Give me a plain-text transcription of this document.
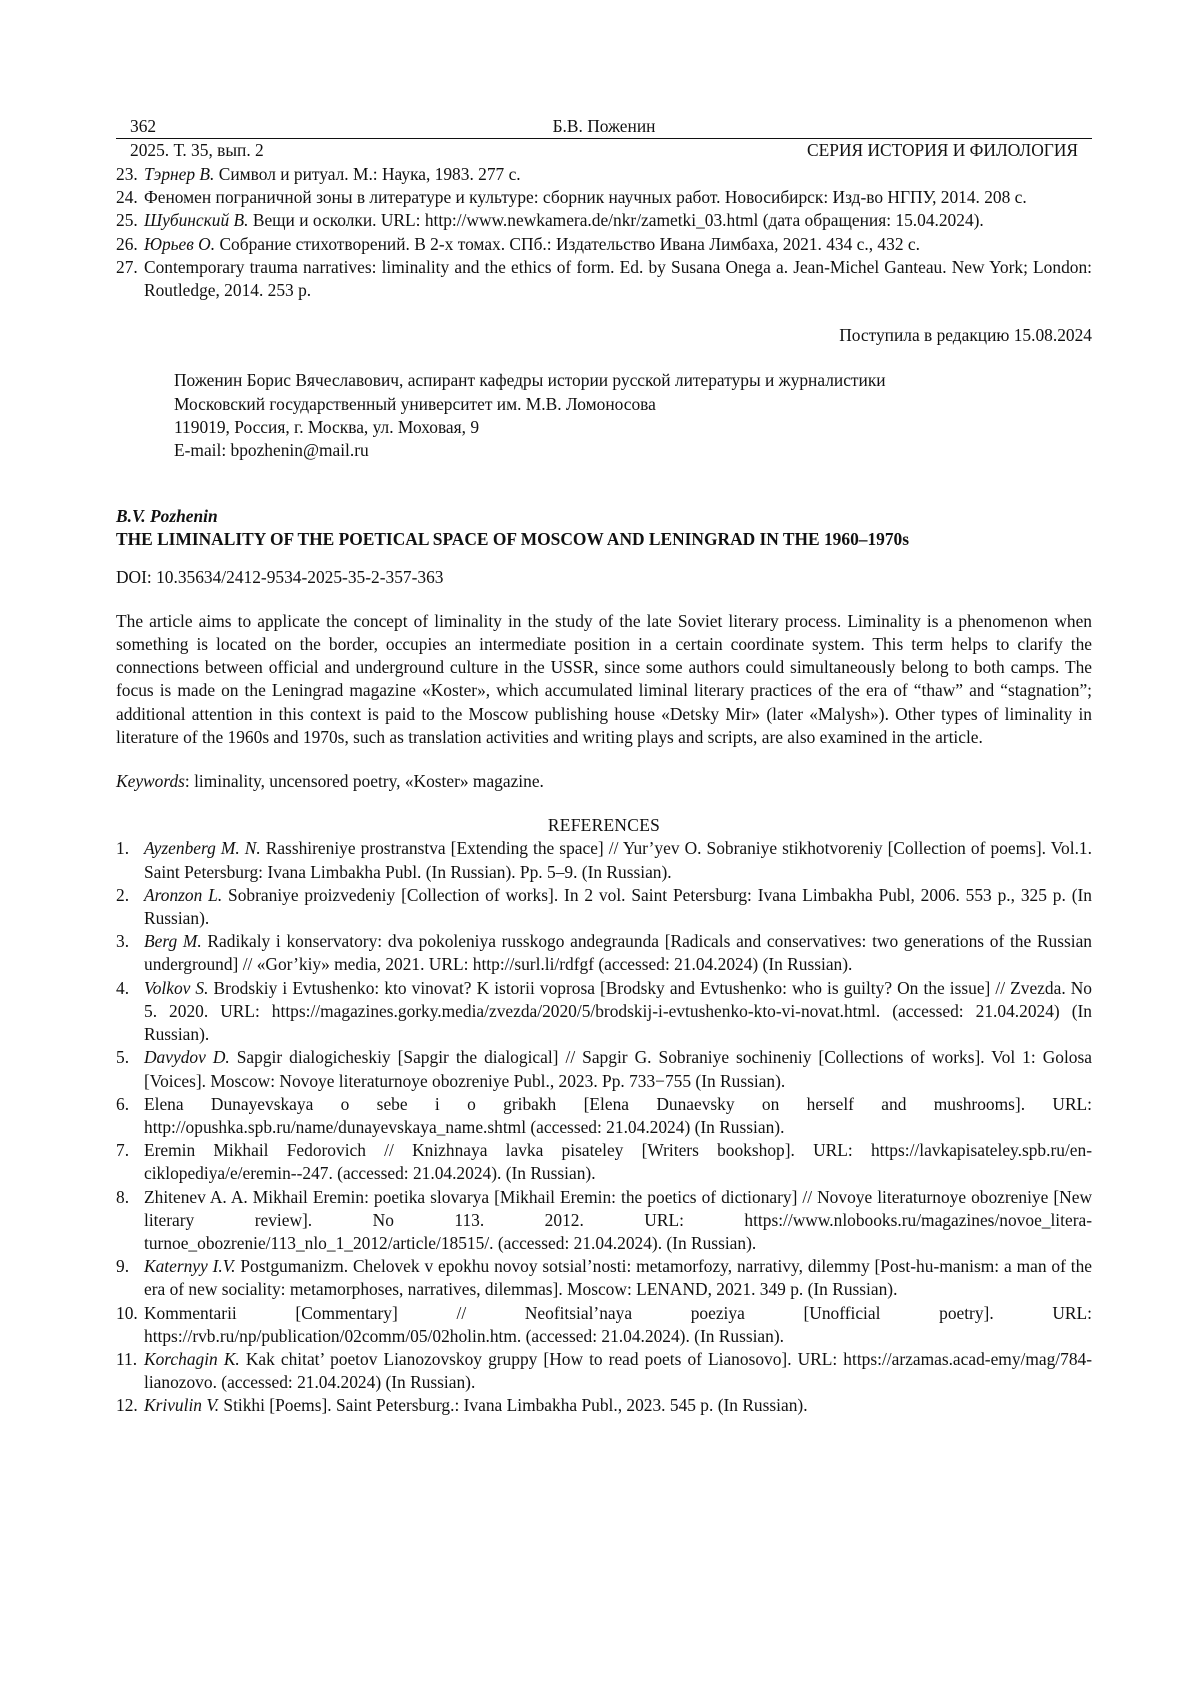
362	Б.В. Поженин
2025. Т. 35, вып. 2	СЕРИЯ ИСТОРИЯ И ФИЛОЛОГИЯ
23. Тэрнер В. Символ и ритуал. М.: Наука, 1983. 277 с.
24. Феномен пограничной зоны в литературе и культуре: сборник научных работ. Новосибирск: Изд-во НГПУ, 2014. 208 с.
25. Шубинский В. Вещи и осколки. URL: http://www.newkamera.de/nkr/zametki_03.html (дата обращения: 15.04.2024).
26. Юрьев О. Собрание стихотворений. В 2-х томах. СПб.: Издательство Ивана Лимбаха, 2021. 434 с., 432 с.
27. Contemporary trauma narratives: liminality and the ethics of form. Ed. by Susana Onega a. Jean-Michel Ganteau. New York; London: Routledge, 2014. 253 p.
Поступила в редакцию 15.08.2024
Поженин Борис Вячеславович, аспирант кафедры истории русской литературы и журналистики
Московский государственный университет им. М.В. Ломоносова
119019, Россия, г. Москва, ул. Моховая, 9
E-mail: bpozhenin@mail.ru
B.V. Pozhenin
THE LIMINALITY OF THE POETICAL SPACE OF MOSCOW AND LENINGRAD IN THE 1960–1970s
DOI: 10.35634/2412-9534-2025-35-2-357-363
The article aims to applicate the concept of liminality in the study of the late Soviet literary process. Liminality is a phenomenon when something is located on the border, occupies an intermediate position in a certain coordinate system. This term helps to clarify the connections between official and underground culture in the USSR, since some authors could simultaneously belong to both camps. The focus is made on the Leningrad magazine «Koster», which accumulated liminal literary practices of the era of “thaw” and “stagnation”; additional attention in this context is paid to the Moscow publishing house «Detsky Mir» (later «Malysh»). Other types of liminality in literature of the 1960s and 1970s, such as translation activities and writing plays and scripts, are also examined in the article.
Keywords: liminality, uncensored poetry, «Koster» magazine.
REFERENCES
1. Ayzenberg M. N. Rasshireniye prostranstva [Extending the space] // Yur’yev O. Sobraniye stikhotvoreniy [Collection of poems]. Vol.1. Saint Petersburg: Ivana Limbakha Publ. (In Russian). Pp. 5–9. (In Russian).
2. Aronzon L. Sobraniye proizvedeniy [Collection of works]. In 2 vol. Saint Petersburg: Ivana Limbakha Publ, 2006. 553 p., 325 p. (In Russian).
3. Berg M. Radikaly i konservatory: dva pokoleniya russkogo andegraunda [Radicals and conservatives: two generations of the Russian underground] // «Gor’kiy» media, 2021. URL: http://surl.li/rdfgf (accessed: 21.04.2024) (In Russian).
4. Volkov S. Brodskiy i Evtushenko: kto vinovat? K istorii voprosa [Brodsky and Evtushenko: who is guilty? On the issue] // Zvezda. No 5. 2020. URL: https://magazines.gorky.media/zvezda/2020/5/brodskij-i-evtushenko-kto-vi-novat.html. (accessed: 21.04.2024) (In Russian).
5. Davydov D. Sapgir dialogicheskiy [Sapgir the dialogical] // Sapgir G. Sobraniye sochineniy [Collections of works]. Vol 1: Golosa [Voices]. Moscow: Novoye literaturnoye obozreniye Publ., 2023. Pp. 733−755 (In Russian).
6. Elena Dunayevskaya o sebe i o gribakh [Elena Dunaevsky on herself and mushrooms]. URL: http://opushka.spb.ru/name/dunayevskaya_name.shtml (accessed: 21.04.2024) (In Russian).
7. Eremin Mikhail Fedorovich // Knizhnaya lavka pisateley [Writers bookshop]. URL: https://lavkapisateley.spb.ru/en-ciklopediya/e/eremin--247. (accessed: 21.04.2024). (In Russian).
8. Zhitenev A. A. Mikhail Eremin: poetika slovarya [Mikhail Eremin: the poetics of dictionary] // Novoye literaturnoye obozreniye [New literary review]. No 113. 2012. URL: https://www.nlobooks.ru/magazines/novoe_litera-turnoe_obozrenie/113_nlo_1_2012/article/18515/. (accessed: 21.04.2024). (In Russian).
9. Katernyy I.V. Postgumanizm. Chelovek v epokhu novoy sotsial’nosti: metamorfozy, narrativy, dilemmy [Post-hu-manism: a man of the era of new sociality: metamorphoses, narratives, dilemmas]. Moscow: LENAND, 2021. 349 p. (In Russian).
10. Kommentarii [Commentary] // Neofitsial’naya poeziya [Unofficial poetry]. URL: https://rvb.ru/np/publication/02comm/05/02holin.htm. (accessed: 21.04.2024). (In Russian).
11. Korchagin K. Kak chitat’ poetov Lianozovskoy gruppy [How to read poets of Lianosovo]. URL: https://arzamas.acad-emy/mag/784-lianozovo. (accessed: 21.04.2024) (In Russian).
12. Krivulin V. Stikhi [Poems]. Saint Petersburg.: Ivana Limbakha Publ., 2023. 545 p. (In Russian).
